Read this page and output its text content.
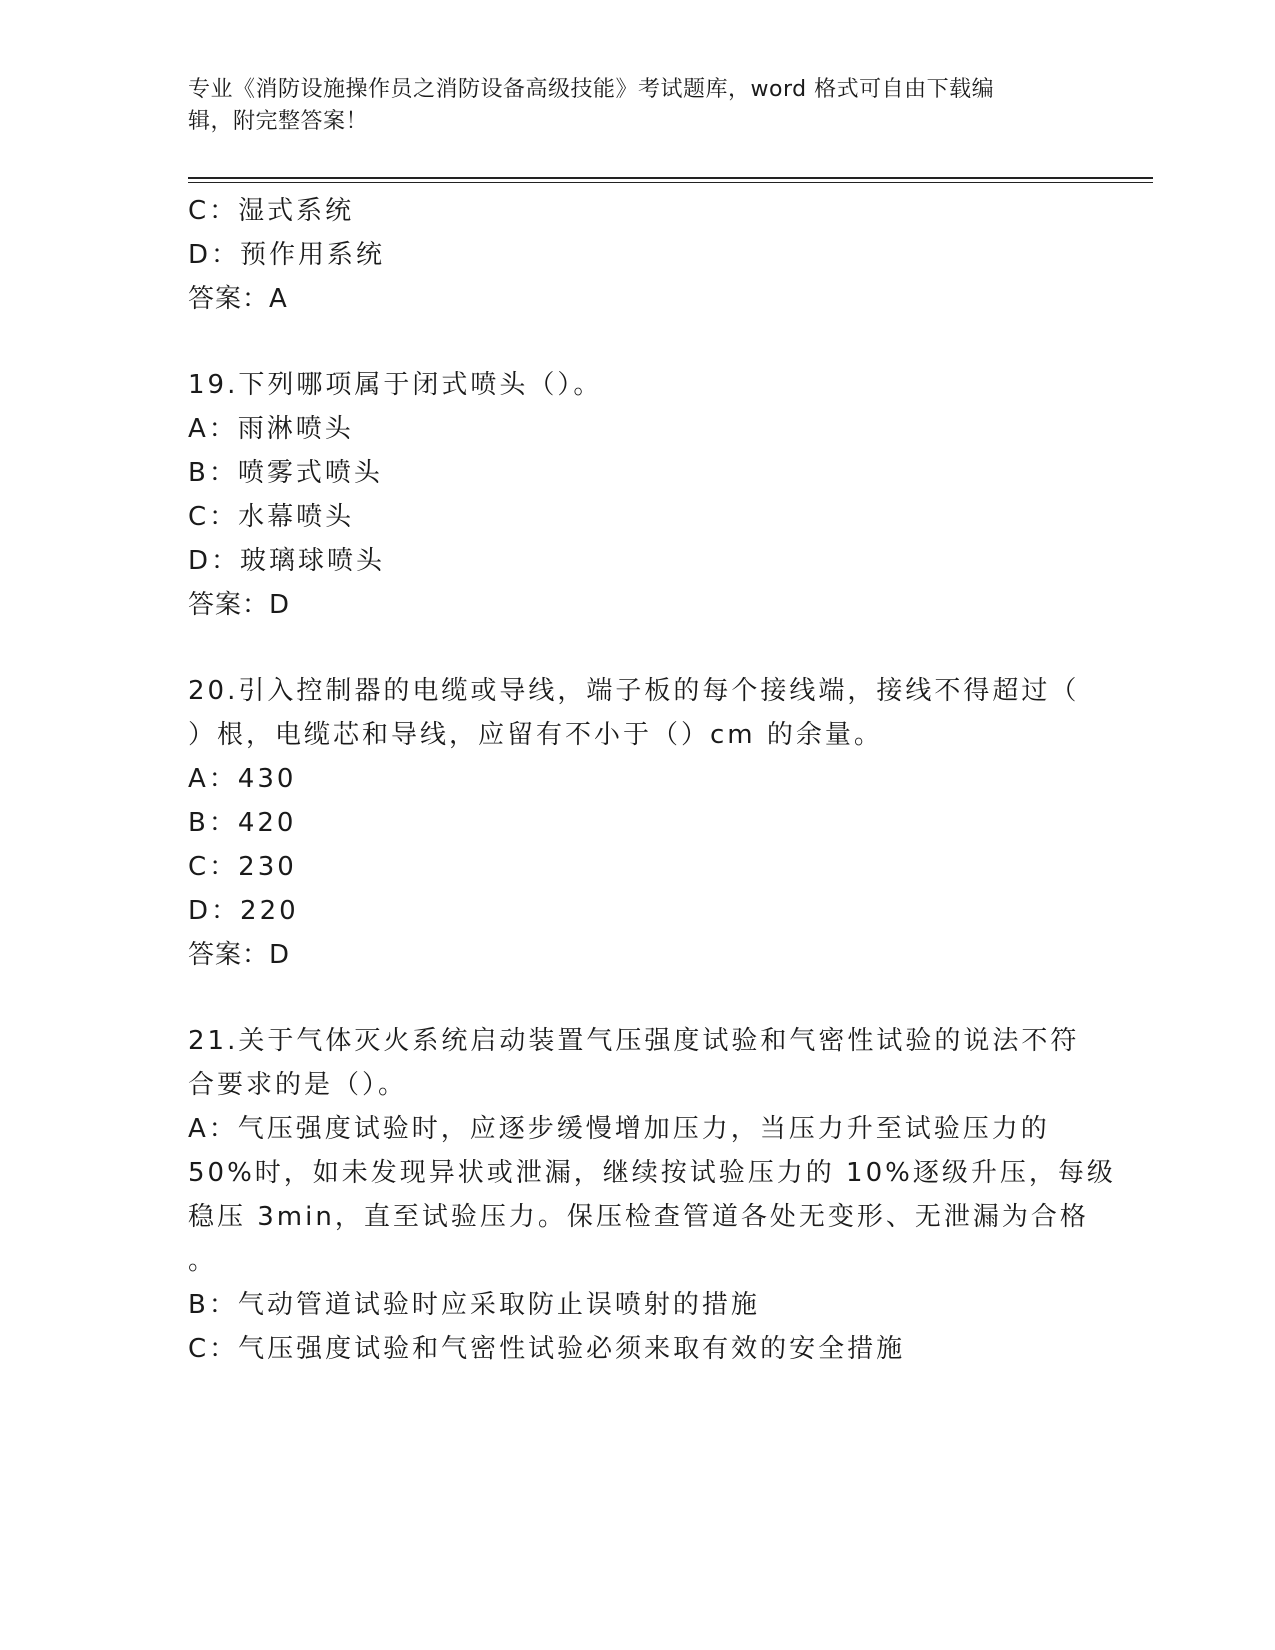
专业《消防设施操作员之消防设备高级技能》考试题库，word 格式可自由下载编
辑，附完整答案！
C：湿式系统
D：预作用系统
答案：A
19.下列哪项属于闭式喷头（）。
A：雨淋喷头
B：喷雾式喷头
C：水幕喷头
D：玻璃球喷头
答案：D
20.引入控制器的电缆或导线，端子板的每个接线端，接线不得超过（
）根，电缆芯和导线，应留有不小于（）cm 的余量。
A：430
B：420
C：230
D：220
答案：D
21.关于气体灭火系统启动装置气压强度试验和气密性试验的说法不符
合要求的是（）。
A：气压强度试验时，应逐步缓慢增加压力，当压力升至试验压力的
50%时，如未发现异状或泄漏，继续按试验压力的 10%逐级升压，每级
稳压 3min，直至试验压力。保压检查管道各处无变形、无泄漏为合格
。
B：气动管道试验时应采取防止误喷射的措施
C：气压强度试验和气密性试验必须来取有效的安全措施
